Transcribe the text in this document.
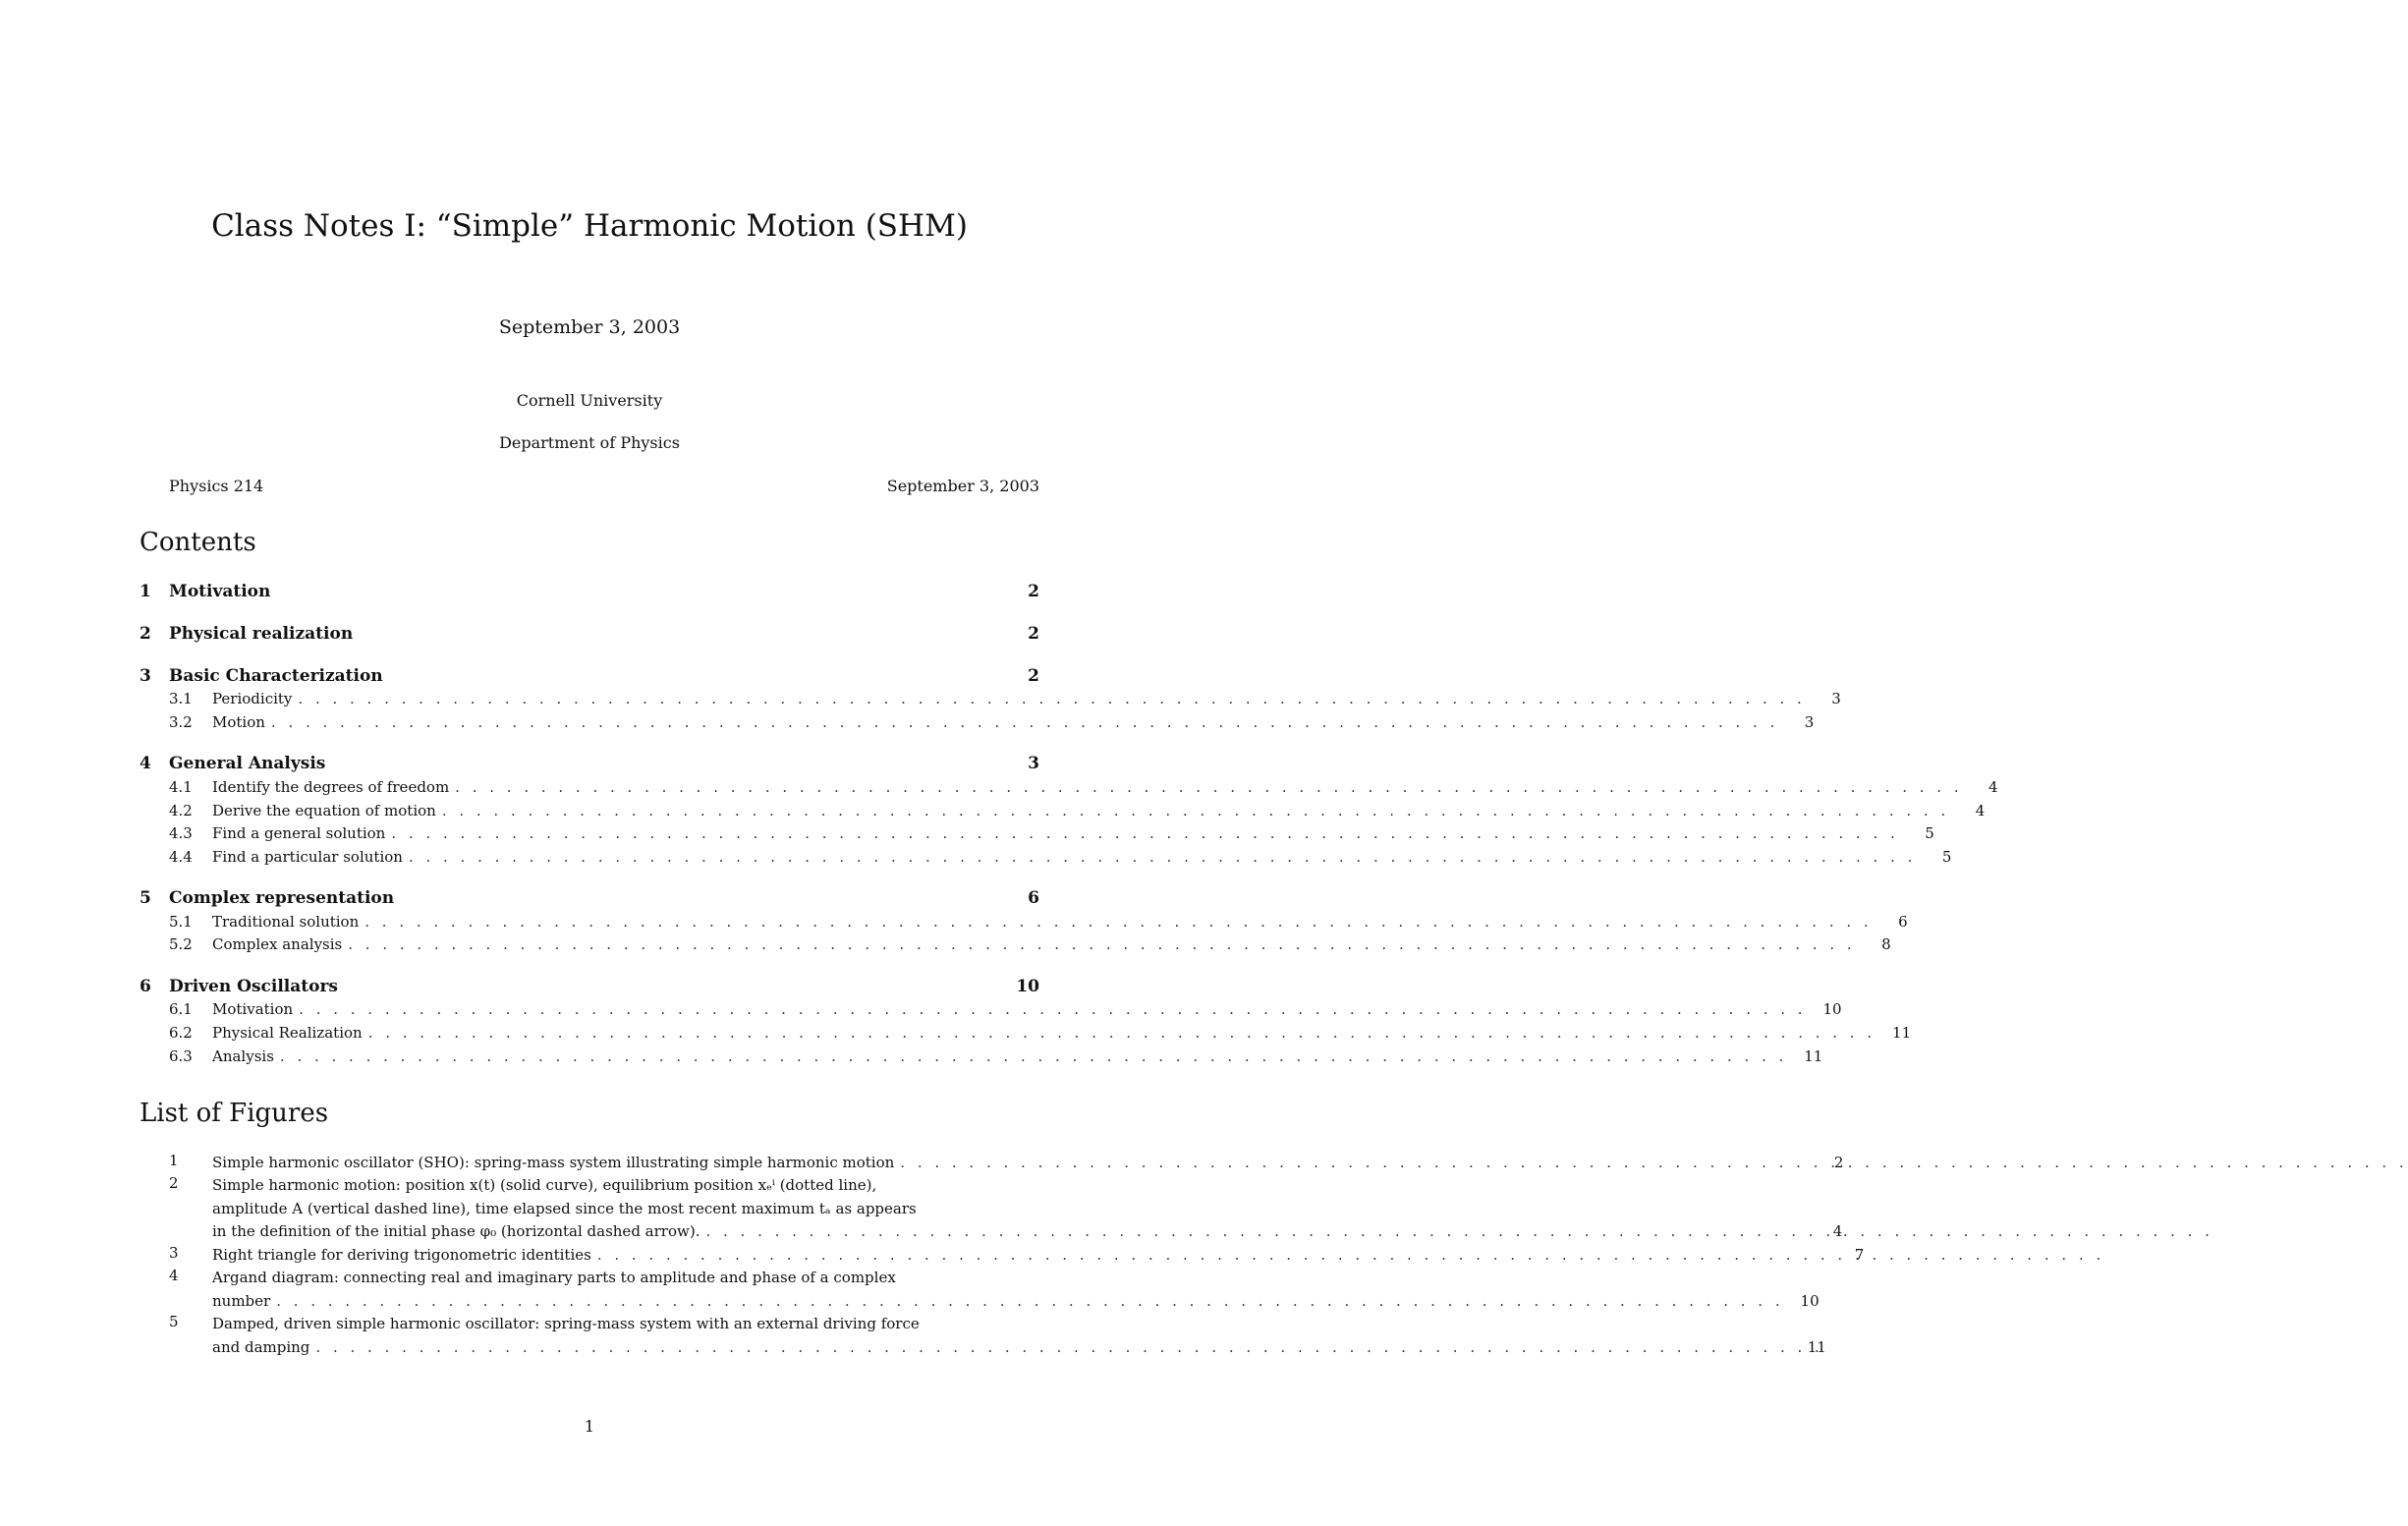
Class Notes I: “Simple” Harmonic Motion (SHM)
September 3, 2003
Cornell University
Department of Physics
Physics 214	September 3, 2003
Contents
1	Motivation	2
2	Physical realization	2
3	Basic Characterization	2
3.1	Periodicity . . .	3
3.2	Motion . . .	3
4	General Analysis	3
4.1	Identify the degrees of freedom . . .	4
4.2	Derive the equation of motion . . .	4
4.3	Find a general solution . . .	5
4.4	Find a particular solution . . .	5
5	Complex representation	6
5.1	Traditional solution . . .	6
5.2	Complex analysis . . .	8
6	Driven Oscillators	10
6.1	Motivation . . .	10
6.2	Physical Realization . . .	11
6.3	Analysis . . .	11
List of Figures
1	Simple harmonic oscillator (SHO): spring-mass system illustrating simple harmonic motion . . .	2
2	Simple harmonic motion: position x(t) (solid curve), equilibrium position xₑⁱ (dotted line),
amplitude A (vertical dashed line), time elapsed since the most recent maximum tₐ as appears
in the definition of the initial phase φ₀ (horizontal dashed arrow). . . .	4
3	Right triangle for deriving trigonometric identities . . .	7
4	Argand diagram: connecting real and imaginary parts to amplitude and phase of a complex
number . . .	10
5	Damped, driven simple harmonic oscillator: spring-mass system with an external driving force
and damping . . .	11
1
